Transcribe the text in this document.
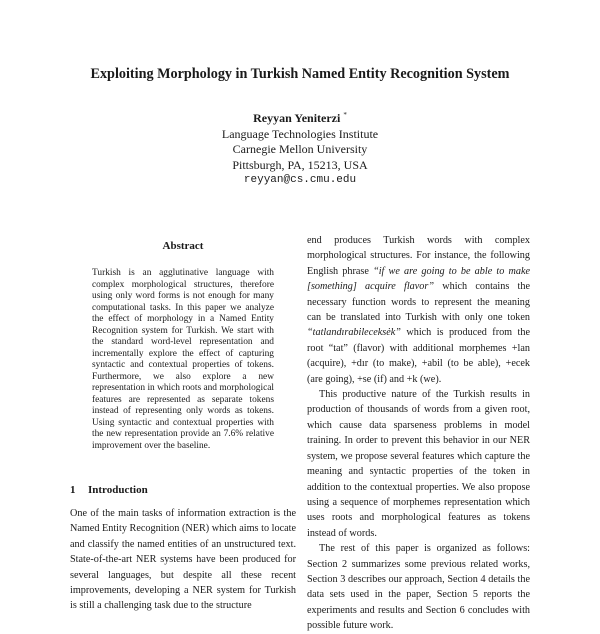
Exploiting Morphology in Turkish Named Entity Recognition System
Reyyan Yeniterzi *
Language Technologies Institute
Carnegie Mellon University
Pittsburgh, PA, 15213, USA
reyyan@cs.cmu.edu
Abstract
Turkish is an agglutinative language with complex morphological structures, therefore using only word forms is not enough for many computational tasks. In this paper we analyze the effect of morphology in a Named Entity Recognition system for Turkish. We start with the standard word-level representation and incrementally explore the effect of capturing syntactic and contextual properties of tokens. Furthermore, we also explore a new representation in which roots and morphological features are represented as separate tokens instead of representing only words as tokens. Using syntactic and contextual properties with the new representation provide an 7.6% relative improvement over the baseline.
1 Introduction

One of the main tasks of information extraction is the Named Entity Recognition (NER) which aims to locate and classify the named entities of an unstructured text. State-of-the-art NER systems have been produced for several languages, but despite all these recent improvements, developing a NER system for Turkish is still a challenging task due to the structure

end produces Turkish words with complex morphological structures. For instance, the following English phrase “if we are going to be able to make [something] acquire flavor” which contains the necessary function words to represent the meaning can be translated into Turkish with only one token “tatlandırabileceksėk” which is produced from the root “tat” (flavor) with additional morphemes +lan (acquire), +dır (to make), +abil (to be able), +ecek (are going), +se (if) and +k (we).

This productive nature of the Turkish results in production of thousands of words from a given root, which cause data sparseness problems in model training. In order to prevent this behavior in our NER system, we propose several features which capture the meaning and syntactic properties of the token in addition to the contextual properties. We also propose using a sequence of morphemes representation which uses roots and morphological features as tokens instead of words.

The rest of this paper is organized as follows: Section 2 summarizes some previous related works, Section 3 describes our approach, Section 4 details the data sets used in the paper, Section 5 reports the experiments and results and Section 6 concludes with possible future work.
